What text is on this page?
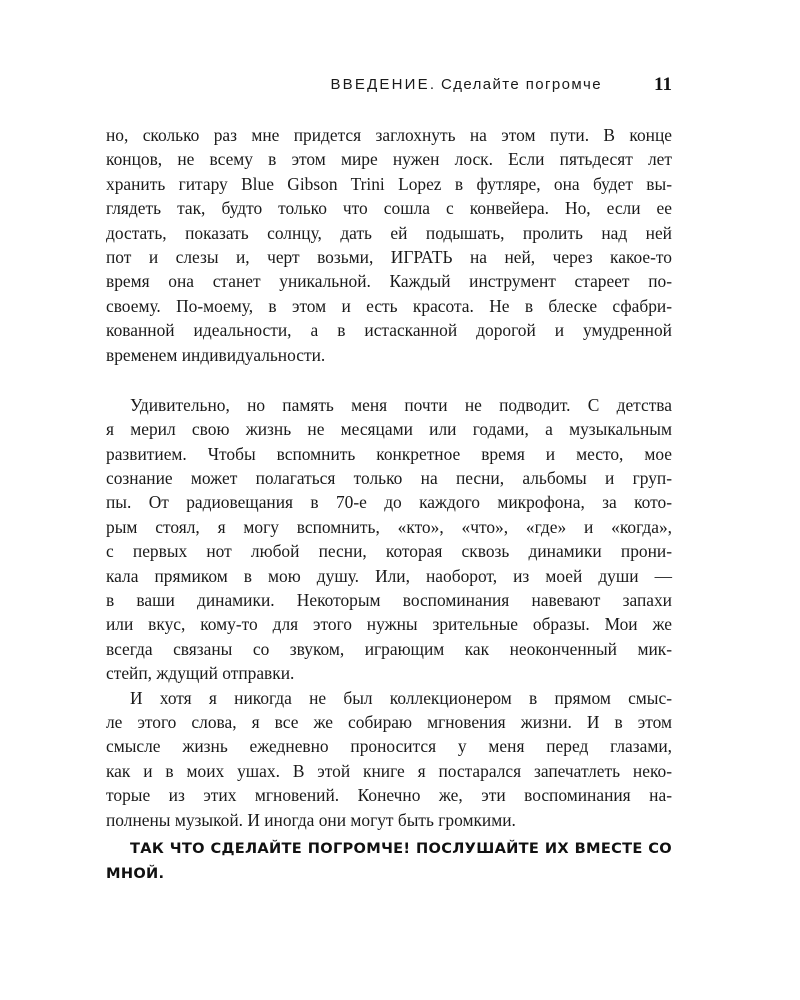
ВВЕДЕНИЕ. Сделайте погромче	11
но, сколько раз мне придется заглохнуть на этом пути. В конце
концов, не всему в этом мире нужен лоск. Если пятьдесят лет
хранить гитару Blue Gibson Trini Lopez в футляре, она будет вы-
глядеть так, будто только что сошла с конвейера. Но, если ее
достать, показать солнцу, дать ей подышать, пролить над ней
пот и слезы и, черт возьми, ИГРАТЬ на ней, через какое-то
время она станет уникальной. Каждый инструмент стареет по-
своему. По-моему, в этом и есть красота. Не в блеске сфабри-
кованной идеальности, а в истасканной дорогой и умудренной
временем индивидуальности.
Удивительно, но память меня почти не подводит. С детства
я мерил свою жизнь не месяцами или годами, а музыкальным
развитием. Чтобы вспомнить конкретное время и место, мое
сознание может полагаться только на песни, альбомы и груп-
пы. От радиовещания в 70-е до каждого микрофона, за кото-
рым стоял, я могу вспомнить, «кто», «что», «где» и «когда»,
с первых нот любой песни, которая сквозь динамики прони-
кала прямиком в мою душу. Или, наоборот, из моей души —
в ваши динамики. Некоторым воспоминания навевают запахи
или вкус, кому-то для этого нужны зрительные образы. Мои же
всегда связаны со звуком, играющим как неоконченный мик-
стейп, ждущий отправки.
И хотя я никогда не был коллекционером в прямом смыс-
ле этого слова, я все же собираю мгновения жизни. И в этом
смысле жизнь ежедневно проносится у меня перед глазами,
как и в моих ушах. В этой книге я постарался запечатлеть неко-
торые из этих мгновений. Конечно же, эти воспоминания на-
полнены музыкой. И иногда они могут быть громкими.
ТАК ЧТО СДЕЛАЙТЕ ПОГРОМЧЕ! ПОСЛУШАЙТЕ ИХ ВМЕСТЕ СО
МНОЙ.
